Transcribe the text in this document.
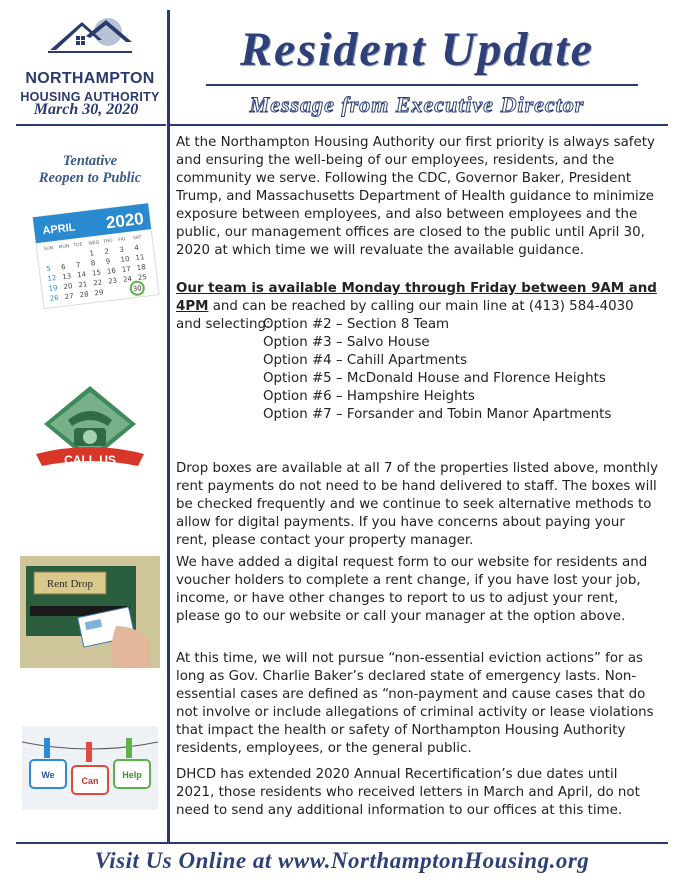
NORTHAMPTON
HOUSING AUTHORITY
March 30, 2020
Resident Update
Message from Executive Director
Tentative
Reopen to Public
APRIL 2020
SUN MON TUE WED THU FRI SAT
1 2 3 4
5 6 7 8 9 10 11
12 13 14 15 16 17 18
19 20 21 22 23 24 25
26 27 28 29	30
CALL US
Rent Drop
We
Can
Help

At the Northampton Housing Authority our first priority is always safety and ensuring the well-being of our employees, residents, and the community we serve. Following the CDC, Governor Baker, President Trump, and Massachusetts Department of Health guidance to minimize exposure between employees, and also between employees and the public, our management offices are closed to the public until April 30, 2020 at which time we will revaluate the available guidance.

Our team is available Monday through Friday between 9AM and 4PM and can be reached by calling our main line at (413) 584-4030 and selecting:

Option #2 – Section 8 Team
Option #3 – Salvo House
Option #4 – Cahill Apartments
Option #5 – McDonald House and Florence Heights
Option #6 – Hampshire Heights
Option #7 – Forsander and Tobin Manor Apartments

Drop boxes are available at all 7 of the properties listed above, monthly rent payments do not need to be hand delivered to staff. The boxes will be checked frequently and we continue to seek alternative methods to allow for digital payments. If you have concerns about paying your rent, please contact your property manager.

We have added a digital request form to our website for residents and voucher holders to complete a rent change, if you have lost your job, income, or have other changes to report to us to adjust your rent, please go to our website or call your manager at the option above.

At this time, we will not pursue “non-essential eviction actions” for as long as Gov. Charlie Baker’s declared state of emergency lasts. Non-essential cases are defined as “non-payment and cause cases that do not involve or include allegations of criminal activity or lease violations that impact the health or safety of Northampton Housing Authority residents, employees, or the general public.

DHCD has extended 2020 Annual Recertification’s due dates until 2021, those residents who received letters in March and April, do not need to send any additional information to our offices at this time.

Visit Us Online at www.NorthamptonHousing.org
